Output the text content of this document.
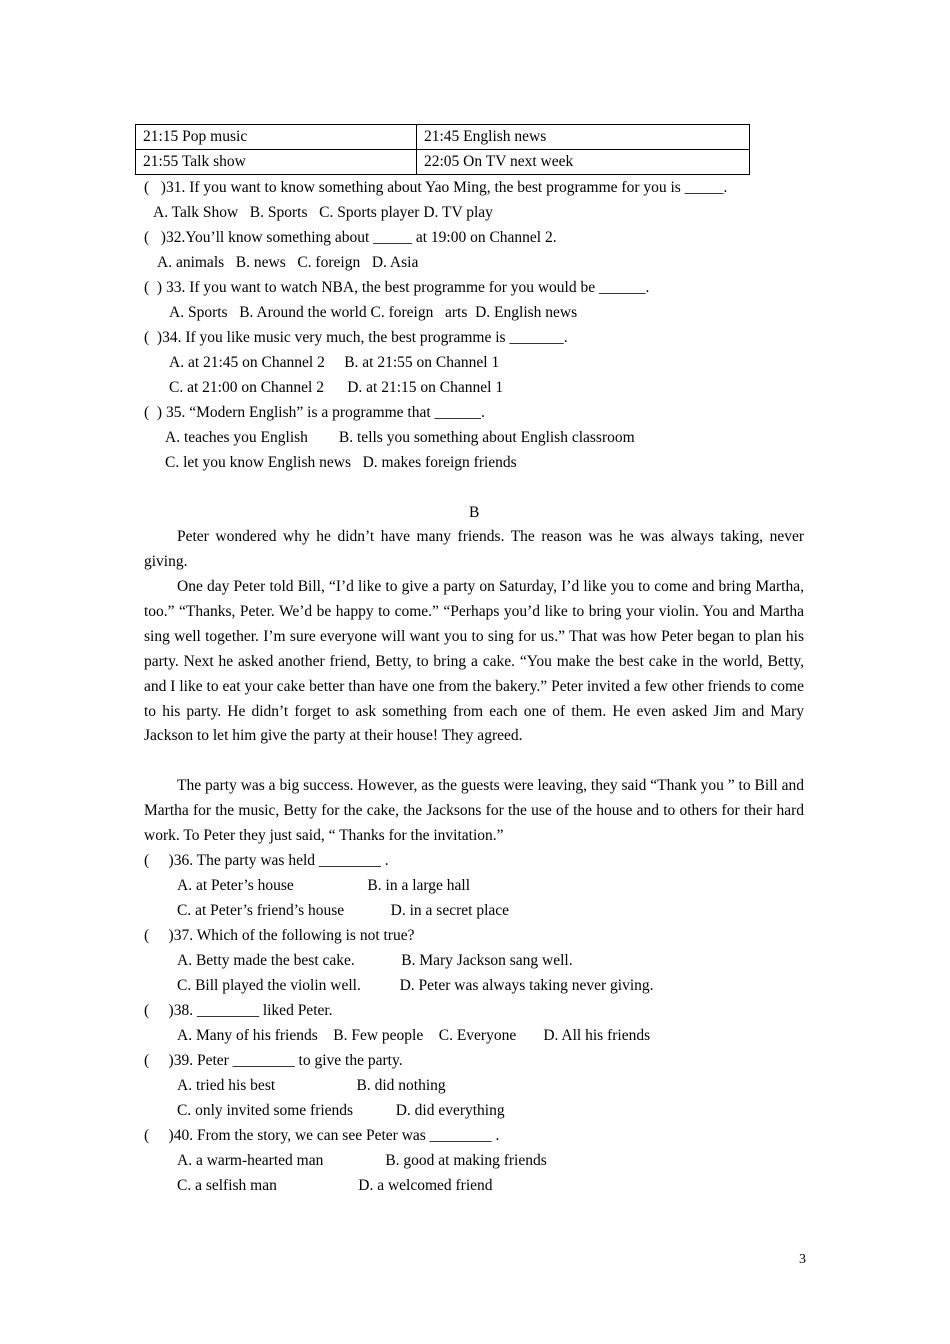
21:15 Pop music	21:45 English news
21:55 Talk show	22:05 On TV next week
(   )31. If you want to know something about Yao Ming, the best programme for you is _____.
A. Talk Show   B. Sports   C. Sports player D. TV play
(   )32.You’ll know something about _____ at 19:00 on Channel 2.
A. animals   B. news   C. foreign   D. Asia
(  ) 33. If you want to watch NBA, the best programme for you would be ______.
A. Sports   B. Around the world C. foreign   arts  D. English news
(  )34. If you like music very much, the best programme is _______.
A. at 21:45 on Channel 2     B. at 21:55 on Channel 1
C. at 21:00 on Channel 2      D. at 21:15 on Channel 1
(  ) 35. “Modern English” is a programme that ______.
A. teaches you English        B. tells you something about English classroom
C. let you know English news   D. makes foreign friends
B

Peter wondered why he didn’t have many friends. The reason was he was always taking, never giving.

One day Peter told Bill, “I’d like to give a party on Saturday, I’d like you to come and bring Martha, too.” “Thanks, Peter. We’d be happy to come.” “Perhaps you’d like to bring your violin. You and Martha sing well together. I’m sure everyone will want you to sing for us.” That was how Peter began to plan his party. Next he asked another friend, Betty, to bring a cake. “You make the best cake in the world, Betty, and I like to eat your cake better than have one from the bakery.” Peter invited a few other friends to come to his party. He didn’t forget to ask something from each one of them. He even asked Jim and Mary Jackson to let him give the party at their house! They agreed.

The party was a big success. However, as the guests were leaving, they said “Thank you ” to Bill and Martha for the music, Betty for the cake, the Jacksons for the use of the house and to others for their hard work. To Peter they just said, “ Thanks for the invitation.”

(     )36. The party was held ________ .
A. at Peter’s house                   B. in a large hall
C. at Peter’s friend’s house            D. in a secret place
(     )37. Which of the following is not true?
A. Betty made the best cake.            B. Mary Jackson sang well.
C. Bill played the violin well.          D. Peter was always taking never giving.
(     )38. ________ liked Peter.
A. Many of his friends    B. Few people    C. Everyone       D. All his friends
(     )39. Peter ________ to give the party.
A. tried his best                     B. did nothing
C. only invited some friends           D. did everything
(     )40. From the story, we can see Peter was ________ .
A. a warm-hearted man                B. good at making friends
C. a selfish man                     D. a welcomed friend
3
